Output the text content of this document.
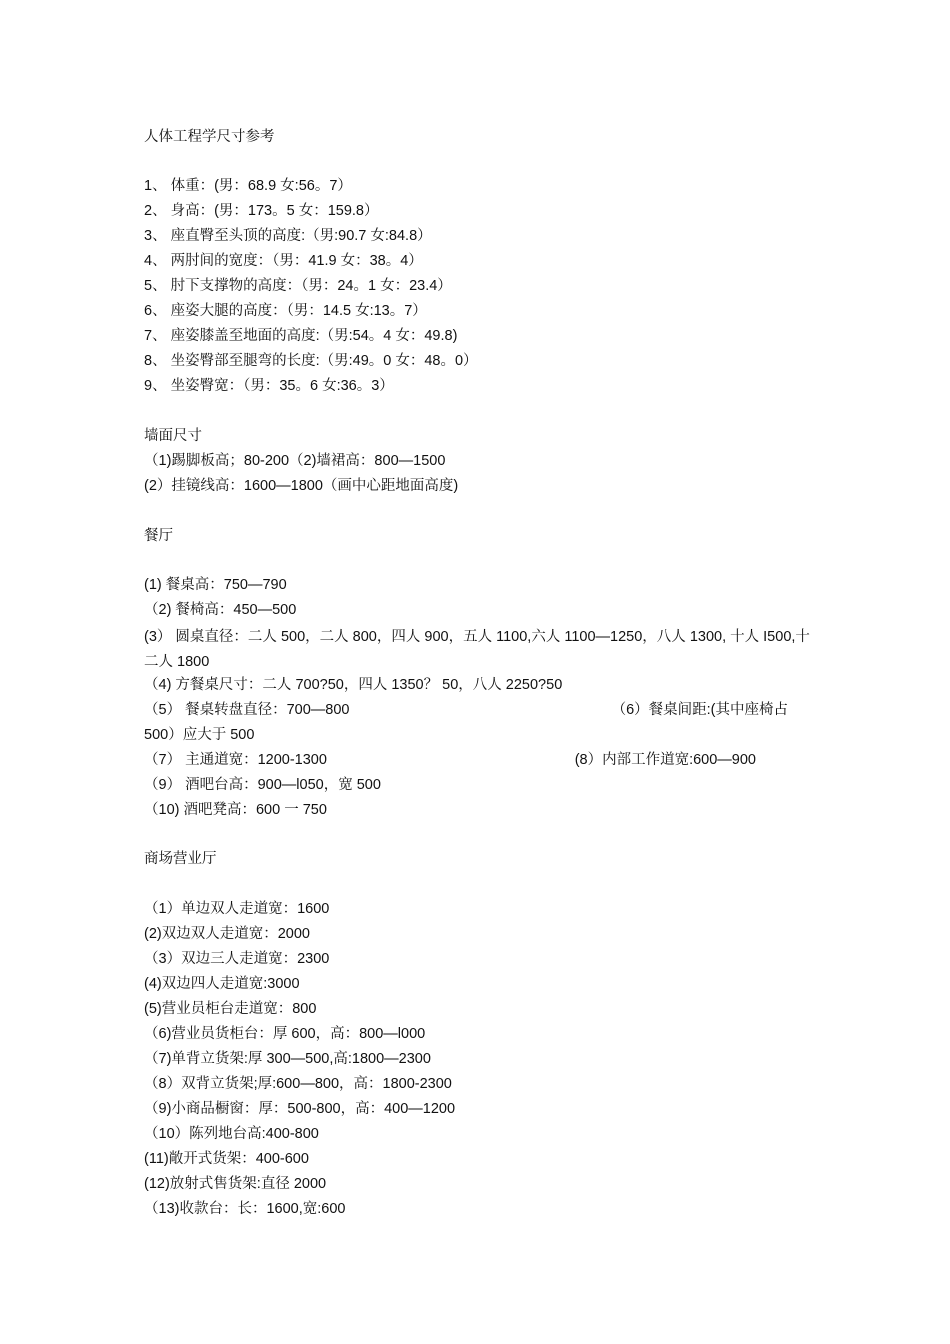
人体工程学尺寸参考
1、 体重：(男：68.9 女:56。7）
2、 身高：(男：173。5 女：159.8）
3、 座直臀至头顶的高度:（男:90.7 女:84.8）
4、 两肘间的宽度：（男：41.9 女：38。4）
5、 肘下支撑物的高度：（男：24。1 女：23.4）
6、 座姿大腿的高度：（男：14.5 女:13。7）
7、 座姿膝盖至地面的高度:（男:54。4 女：49.8)
8、 坐姿臀部至腿弯的长度:（男:49。0 女：48。0）
9、 坐姿臀宽：（男：35。6 女:36。3）
墙面尺寸
（1)踢脚板高；80-200（2)墙裙高：800—1500
(2）挂镜线高：1600—1800（画中心距地面高度)
餐厅
(1) 餐桌高：750—790
（2) 餐椅高：450—500
(3） 圆桌直径：二人 500，二人 800，四人 900，五人 1100,六人 1100—1250，八人 1300, 十人 I500,十二人 1800
（4) 方餐桌尺寸：二人 700?50，四人 1350？ 50，八人 2250?50
（5） 餐桌转盘直径：700—800	（6）餐桌间距:(其中座椅占
500）应大于 500
（7） 主通道宽：1200-1300	(8）内部工作道宽:600—900
（9） 酒吧台高：900—l050，宽 500
（10) 酒吧凳高：600 一 750
商场营业厅
（1）单边双人走道宽：1600
(2)双边双人走道宽：2000
（3）双边三人走道宽：2300
(4)双边四人走道宽:3000
(5)营业员柜台走道宽：800
（6)营业员货柜台：厚 600，高：800—l000
（7)单背立货架:厚 300—500,高:1800—2300
（8）双背立货架;厚:600—800，高：1800-2300
（9)小商品橱窗：厚：500-800，高：400—1200
（10）陈列地台高:400-800
(11)敞开式货架：400-600
(12)放射式售货架:直径 2000
（13)收款台：长：1600,宽:600
